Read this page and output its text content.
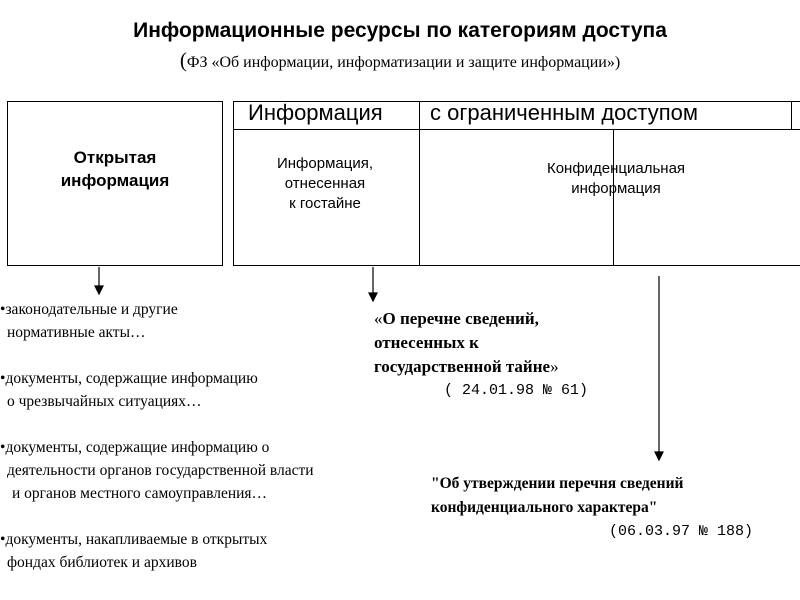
Информационные ресурсы по категориям доступа
(ФЗ «Об информации, информатизации и защите информации»)
Открытая
информация
Информация с ограниченным доступом
Информация,
отнесенная
к гостайне
Конфиденциальная
информация
•законодательные и другие
нормативные акты…
•документы, содержащие информацию
о чрезвычайных ситуациях…
•документы, содержащие информацию о
деятельности органов государственной власти
и органов местного самоуправления…
•документы, накапливаемые в открытых
фондах библиотек и архивов
«О перечне сведений,
отнесенных к
государственной тайне»
( 24.01.98 № 61)
"Об утверждении перечня сведений
конфиденциального характера"
(06.03.97 № 188)
